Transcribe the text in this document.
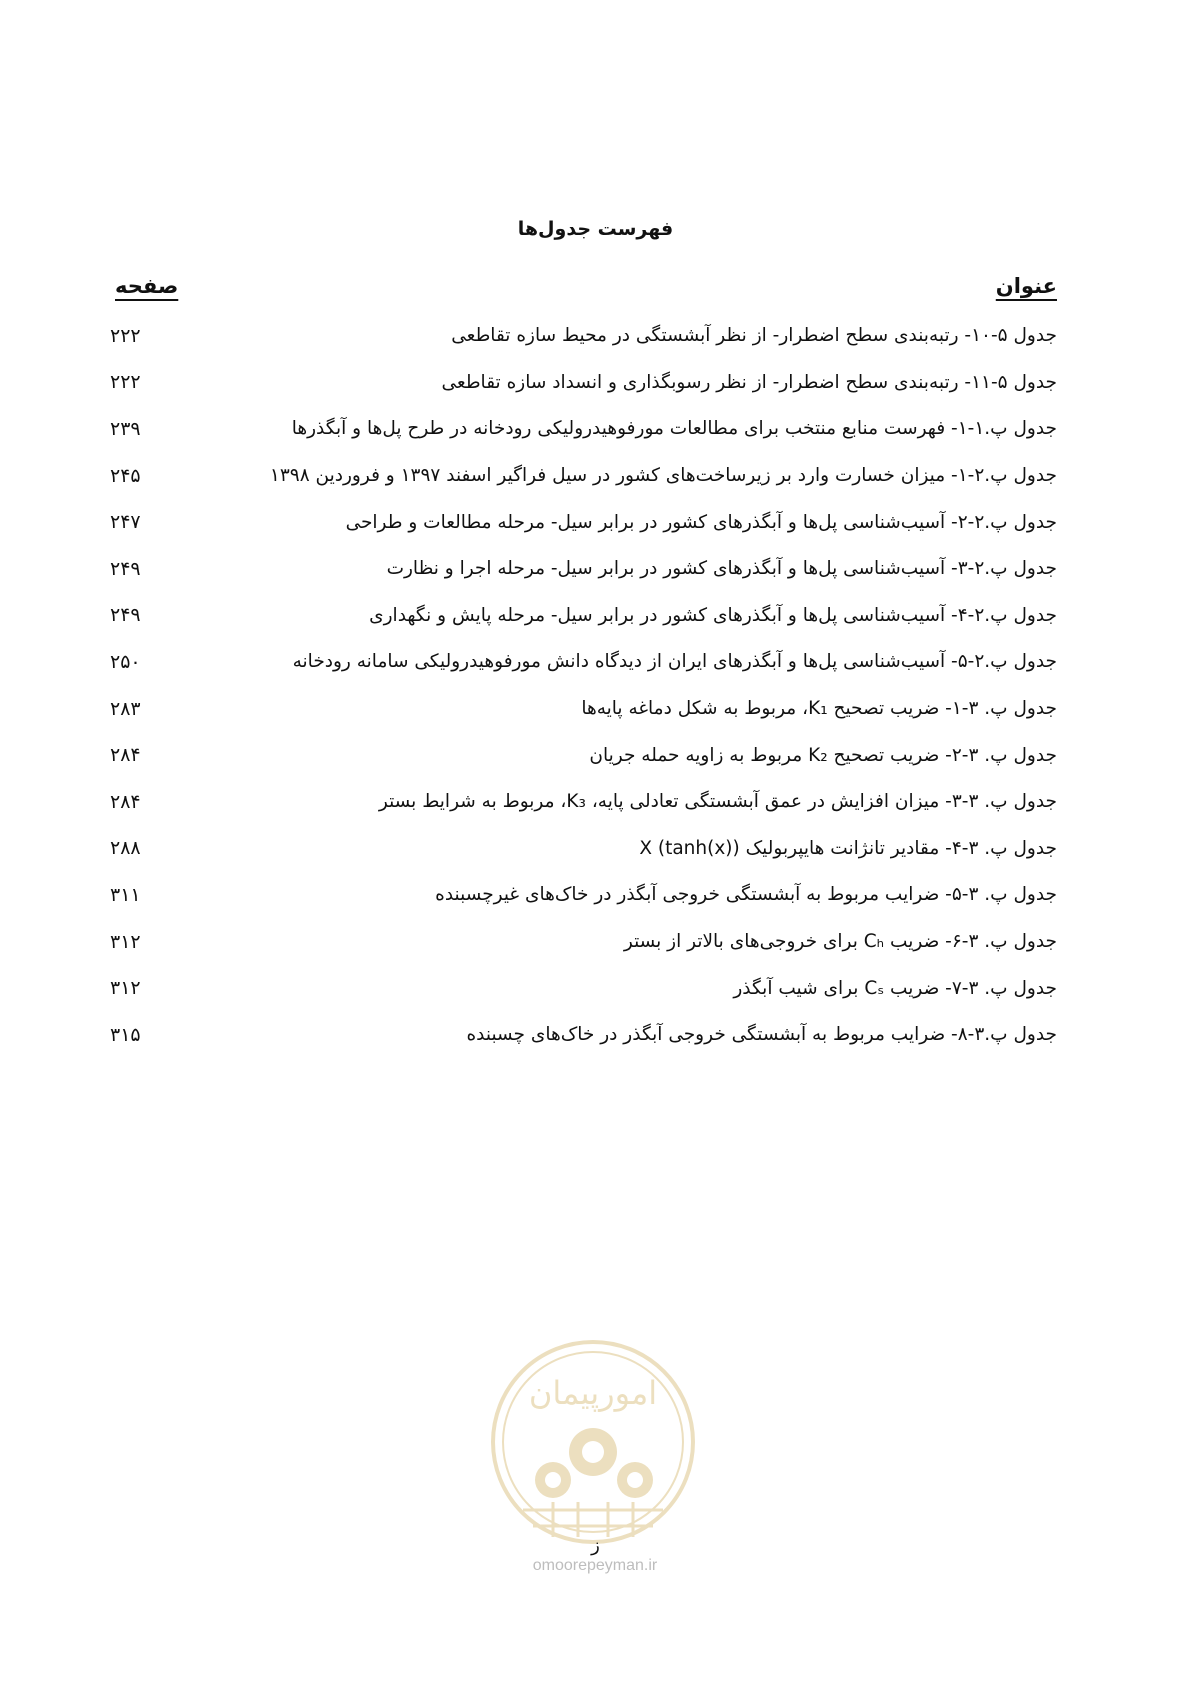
فهرست جدول‌ها
عنوان
صفحه
جدول ۵-۱۰- رتبه‌بندی سطح اضطرار- از نظر آبشستگی در محیط سازه تقاطعی
۲۲۲
جدول ۵-۱۱- رتبه‌بندی سطح اضطرار- از نظر رسوبگذاری و انسداد سازه تقاطعی
۲۲۲
جدول پ.۱-۱- فهرست منابع منتخب برای مطالعات مورفوهیدرولیکی رودخانه در طرح پل‌ها و آبگذرها
۲۳۹
جدول پ.۲-۱- میزان خسارت وارد بر زیرساخت‌های کشور در سیل فراگیر اسفند ۱۳۹۷ و فروردین ۱۳۹۸
۲۴۵
جدول پ.۲-۲- آسیب‌شناسی پل‌ها و آبگذرهای کشور در برابر سیل- مرحله مطالعات و طراحی
۲۴۷
جدول پ.۲-۳- آسیب‌شناسی پل‌ها و آبگذرهای کشور در برابر سیل- مرحله اجرا و نظارت
۲۴۹
جدول پ.۲-۴- آسیب‌شناسی پل‌ها و آبگذرهای کشور در برابر سیل- مرحله پایش و نگهداری
۲۴۹
جدول پ.۲-۵- آسیب‌شناسی پل‌ها و آبگذرهای ایران از دیدگاه دانش مورفوهیدرولیکی سامانه رودخانه
۲۵۰
جدول پ. ۳-۱- ضریب تصحیح K₁، مربوط به شکل دماغه پایه‌ها
۲۸۳
جدول پ. ۳-۲- ضریب تصحیح K₂ مربوط به زاویه حمله جریان
۲۸۴
جدول پ. ۳-۳- میزان افزایش در عمق آبشستگی تعادلی پایه، K₃، مربوط به شرایط بستر
۲۸۴
جدول پ. ۳-۴- مقادیر تانژانت هایپربولیک X (tanh(x))
۲۸۸
جدول پ. ۳-۵- ضرایب مربوط به آبشستگی خروجی آبگذر در خاک‌های غیرچسبنده
۳۱۱
جدول پ. ۳-۶- ضریب Cₕ برای خروجی‌های بالاتر از بستر
۳۱۲
جدول پ. ۳-۷- ضریب Cₛ برای شیب آبگذر
۳۱۲
جدول پ.۳-۸- ضرایب مربوط به آبشستگی خروجی آبگذر در خاک‌های چسبنده
۳۱۵
امورپیمان
omoorepeyman.ir
ز
